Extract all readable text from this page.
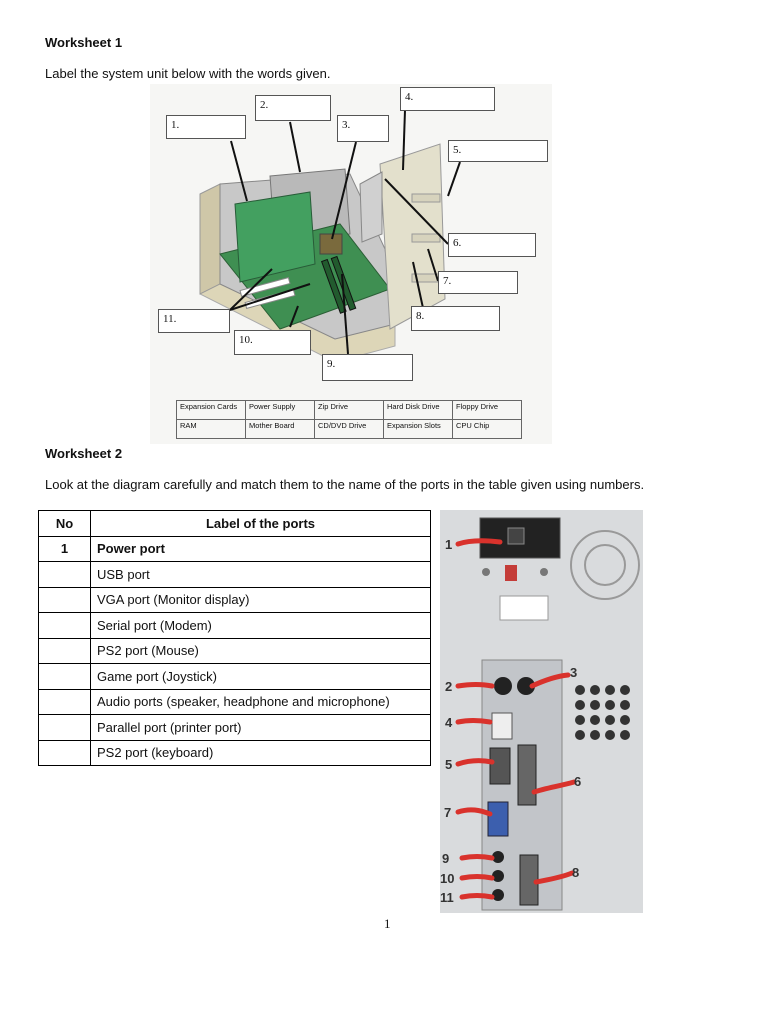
Worksheet 1
Label the system unit below with the words given.
1.
2.
3.
4.
5.
6.
7.
8.
9.
10.
11.
Expansion Cards	Power Supply	Zip Drive	Hard Disk Drive	Floppy Drive
RAM	Mother Board	CD/DVD Drive	Expansion Slots	CPU Chip
Worksheet 2
Look at the diagram carefully and match them to the name of the ports in the table given using numbers.
No	Label of the ports
1	Power port
	USB port
	VGA port (Monitor display)
	Serial port (Modem)
	PS2 port (Mouse)
	Game port (Joystick)
	Audio ports (speaker, headphone and microphone)
	Parallel port (printer port)
	PS2 port (keyboard)
1
2
3
4
5
6
7
8
9
10
11
1
